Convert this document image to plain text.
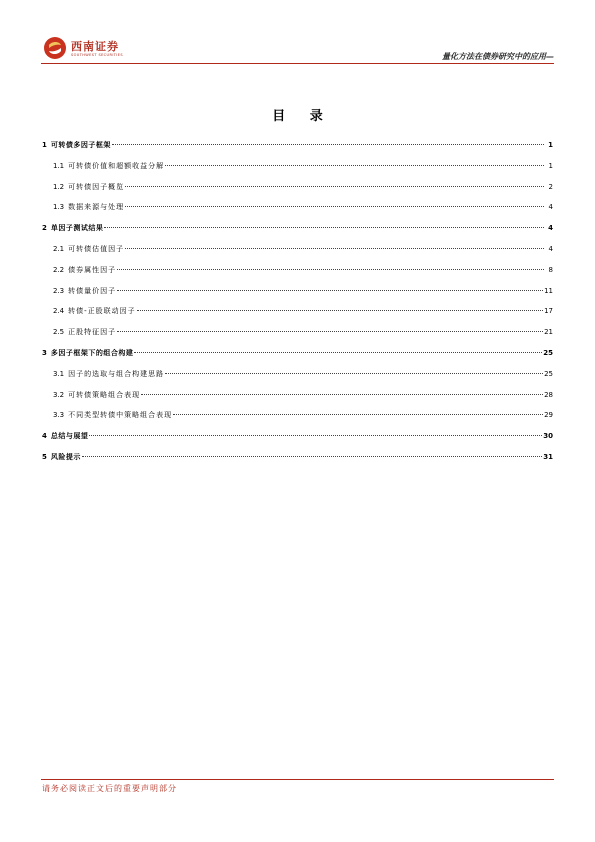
西南证券
SOUTHWEST SECURITIES	量化方法在债券研究中的应用—
目 录
1 可转债多因子框架	1
1.1 可转债价值和超额收益分解	1
1.2 可转债因子概览	2
1.3 数据来源与处理	4
2 单因子测试结果	4
2.1 可转债估值因子	4
2.2 债券属性因子	8
2.3 转债量价因子	11
2.4 转债-正股联动因子	17
2.5 正股特征因子	21
3 多因子框架下的组合构建	25
3.1 因子的选取与组合构建思路	25
3.2 可转债策略组合表现	28
3.3 不同类型转债中策略组合表现	29
4 总结与展望	30
5 风险提示	31
请务必阅读正文后的重要声明部分
